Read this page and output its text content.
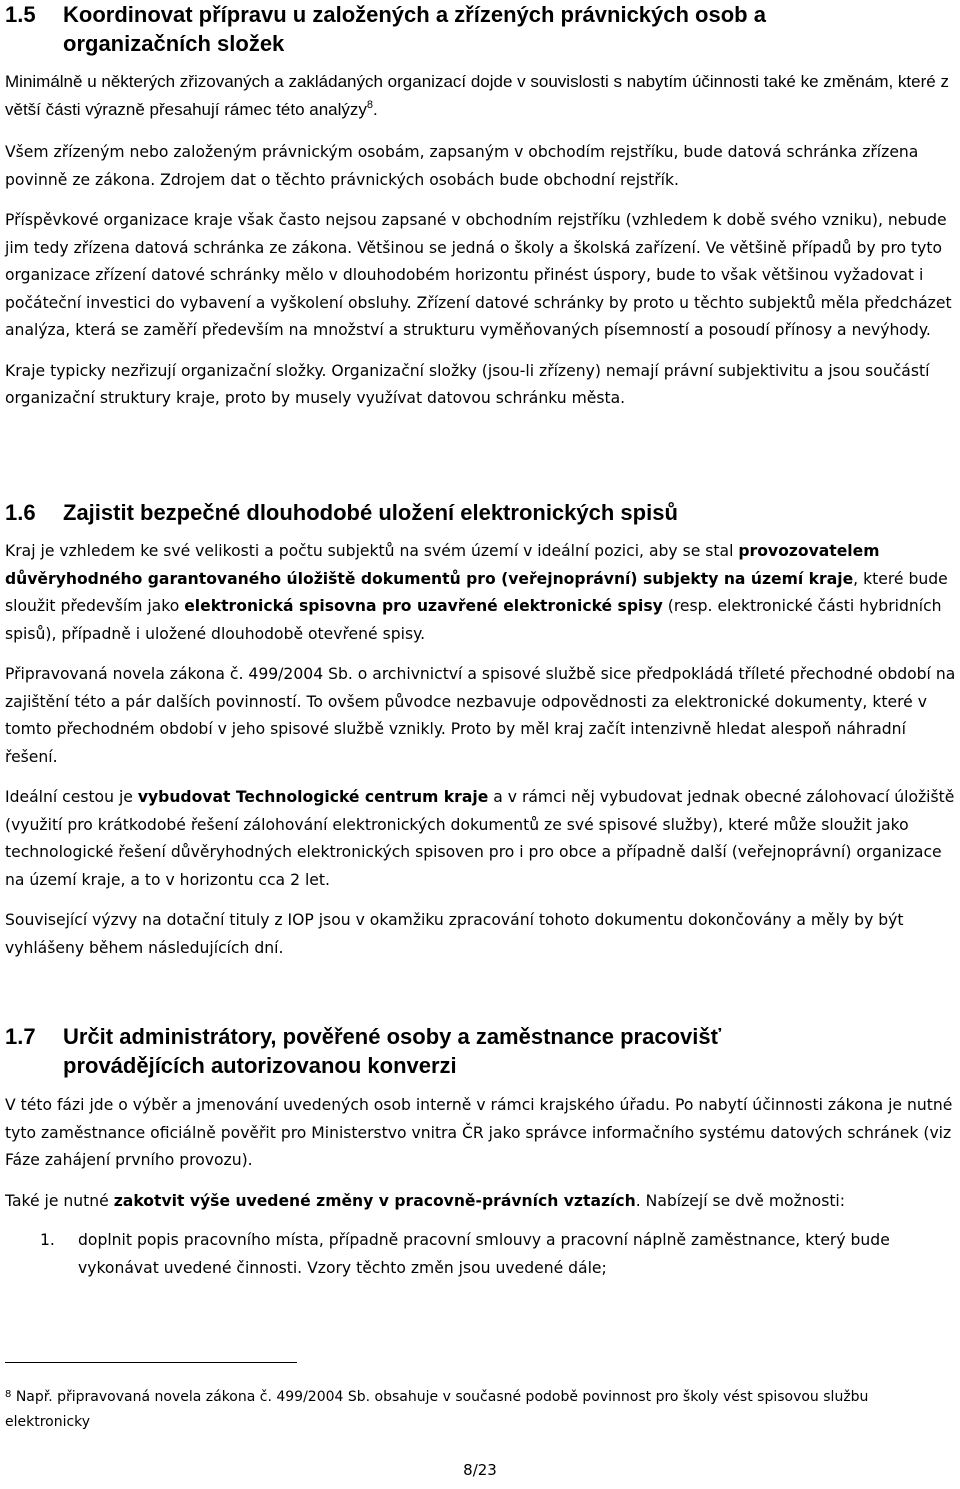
1.5 Koordinovat přípravu u založených a zřízených právnických osob a organizačních složek

Minimálně u některých zřizovaných a zakládaných organizací dojde v souvislosti s nabytím účinnosti také ke změnám, které z větší části výrazně přesahují rámec této analýzy$^8$.

Všem zřízeným nebo založeným právnickým osobám, zapsaným v obchodím rejstříku, bude datová schránka zřízena povinně ze zákona. Zdrojem dat o těchto právnických osobách bude obchodní rejstřík.

Příspěvkové organizace kraje však často nejsou zapsané v obchodním rejstříku (vzhledem k době svého vzniku), nebude jim tedy zřízena datová schránka ze zákona. Většinou se jedná o školy a školská zařízení. Ve většině případů by pro tyto organizace zřízení datové schránky mělo v dlouhodobém horizontu přinést úspory, bude to však většinou vyžadovat i počáteční investici do vybavení a vyškolení obsluhy. Zřízení datové schránky by proto u těchto subjektů měla předcházet analýza, která se zaměří především na množství a strukturu vyměňovaných písemností a posoudí přínosy a nevýhody.

Kraje typicky nezřizují organizační složky. Organizační složky (jsou-li zřízeny) nemají právní subjektivitu a jsou součástí organizační struktury kraje, proto by musely využívat datovou schránku města.

1.6 Zajistit bezpečné dlouhodobé uložení elektronických spisů

Kraj je vzhledem ke své velikosti a počtu subjektů na svém území v ideální pozici, aby se stal provozovatelem důvěryhodného garantovaného úložiště dokumentů pro (veřejnoprávní) subjekty na území kraje, které bude sloužit především jako elektronická spisovna pro uzavřené elektronické spisy (resp. elektronické části hybridních spisů), případně i uložené dlouhodobě otevřené spisy.

Připravovaná novela zákona č. 499/2004 Sb. o archivnictví a spisové službě sice předpokládá tříleté přechodné období na zajištění této a pár dalších povinností. To ovšem původce nezbavuje odpovědnosti za elektronické dokumenty, které v tomto přechodném období v jeho spisové službě vznikly. Proto by měl kraj začít intenzivně hledat alespoň náhradní řešení.

Ideální cestou je vybudovat Technologické centrum kraje a v rámci něj vybudovat jednak obecné zálohovací úložiště (využití pro krátkodobé řešení zálohování elektronických dokumentů ze své spisové služby), které může sloužit jako technologické řešení důvěryhodných elektronických spisoven pro i pro obce a případně další (veřejnoprávní) organizace na území kraje, a to v horizontu cca 2 let.

Související výzvy na dotační tituly z IOP jsou v okamžiku zpracování tohoto dokumentu dokončovány a měly by být vyhlášeny během následujících dní.

1.7 Určit administrátory, pověřené osoby a zaměstnance pracovišť provádějících autorizovanou konverzi

V této fázi jde o výběr a jmenování uvedených osob interně v rámci krajského úřadu. Po nabytí účinnosti zákona je nutné tyto zaměstnance oficiálně pověřit pro Ministerstvo vnitra ČR jako správce informačního systému datových schránek (viz Fáze zahájení prvního provozu).

Také je nutné zakotvit výše uvedené změny v pracovně-právních vztazích. Nabízejí se dvě možnosti:

1. doplnit popis pracovního místa, případně pracovní smlouvy a pracovní náplně zaměstnance, který bude vykonávat uvedené činnosti. Vzory těchto změn jsou uvedené dále;
$^8$ Např. připravovaná novela zákona č. 499/2004 Sb. obsahuje v současné podobě povinnost pro školy vést spisovou službu elektronicky
8/23
